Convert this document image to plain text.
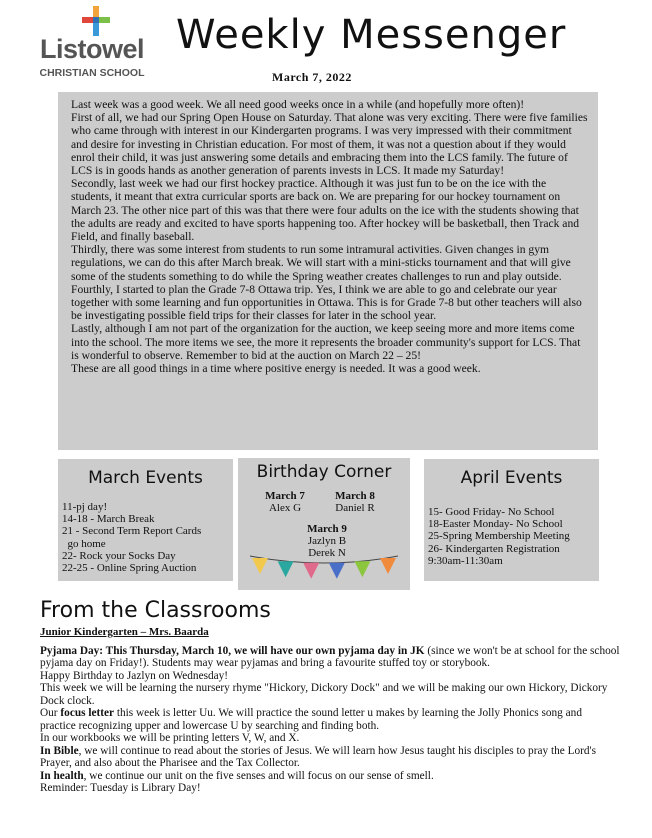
Listowel
CHRISTIAN SCHOOL
Weekly Messenger
March 7, 2022

Last week was a good week. We all need good weeks once in a while (and hopefully more often)!

First of all, we had our Spring Open House on Saturday. That alone was very exciting. There were five families who came through with interest in our Kindergarten programs. I was very impressed with their commitment and desire for investing in Christian education. For most of them, it was not a question about if they would enrol their child, it was just answering some details and embracing them into the LCS family. The future of LCS is in goods hands as another generation of parents invests in LCS. It made my Saturday!

Secondly, last week we had our first hockey practice. Although it was just fun to be on the ice with the students, it meant that extra curricular sports are back on. We are preparing for our hockey tournament on March 23. The other nice part of this was that there were four adults on the ice with the students showing that the adults are ready and excited to have sports happening too. After hockey will be basketball, then Track and Field, and finally baseball.

Thirdly, there was some interest from students to run some intramural activities. Given changes in gym regulations, we can do this after March break. We will start with a mini-sticks tournament and that will give some of the students something to do while the Spring weather creates challenges to run and play outside.

Fourthly, I started to plan the Grade 7-8 Ottawa trip. Yes, I think we are able to go and celebrate our year together with some learning and fun opportunities in Ottawa. This is for Grade 7-8 but other teachers will also be investigating possible field trips for their classes for later in the school year.

Lastly, although I am not part of the organization for the auction, we keep seeing more and more items come into the school. The more items we see, the more it represents the broader community's support for LCS. That is wonderful to observe. Remember to bid at the auction on March 22 – 25!

These are all good things in a time where positive energy is needed. It was a good week.

March Events
11-pj day!
14-18 - March Break
21 - Second Term Report Cards
go home
22- Rock your Socks Day
22-25 - Online Spring Auction
Birthday Corner
March 7
Alex G
March 8
Daniel R
March 9
Jazlyn B
Derek N
April Events
15- Good Friday- No School
18-Easter Monday- No School
25-Spring Membership Meeting
26- Kindergarten Registration
9:30am-11:30am
From the Classrooms
Junior Kindergarten – Mrs. Baarda

Pyjama Day: This Thursday, March 10, we will have our own pyjama day in JK (since we won't be at school for the school pyjama day on Friday!). Students may wear pyjamas and bring a favourite stuffed toy or storybook.

Happy Birthday to Jazlyn on Wednesday!

This week we will be learning the nursery rhyme "Hickory, Dickory Dock" and we will be making our own Hickory, Dickory Dock clock.

Our focus letter this week is letter Uu. We will practice the sound letter u makes by learning the Jolly Phonics song and practice recognizing upper and lowercase U by searching and finding both.

In our workbooks we will be printing letters V, W, and X.

In Bible, we will continue to read about the stories of Jesus. We will learn how Jesus taught his disciples to pray the Lord's Prayer, and also about the Pharisee and the Tax Collector.

In health, we continue our unit on the five senses and will focus on our sense of smell.

Reminder: Tuesday is Library Day!
